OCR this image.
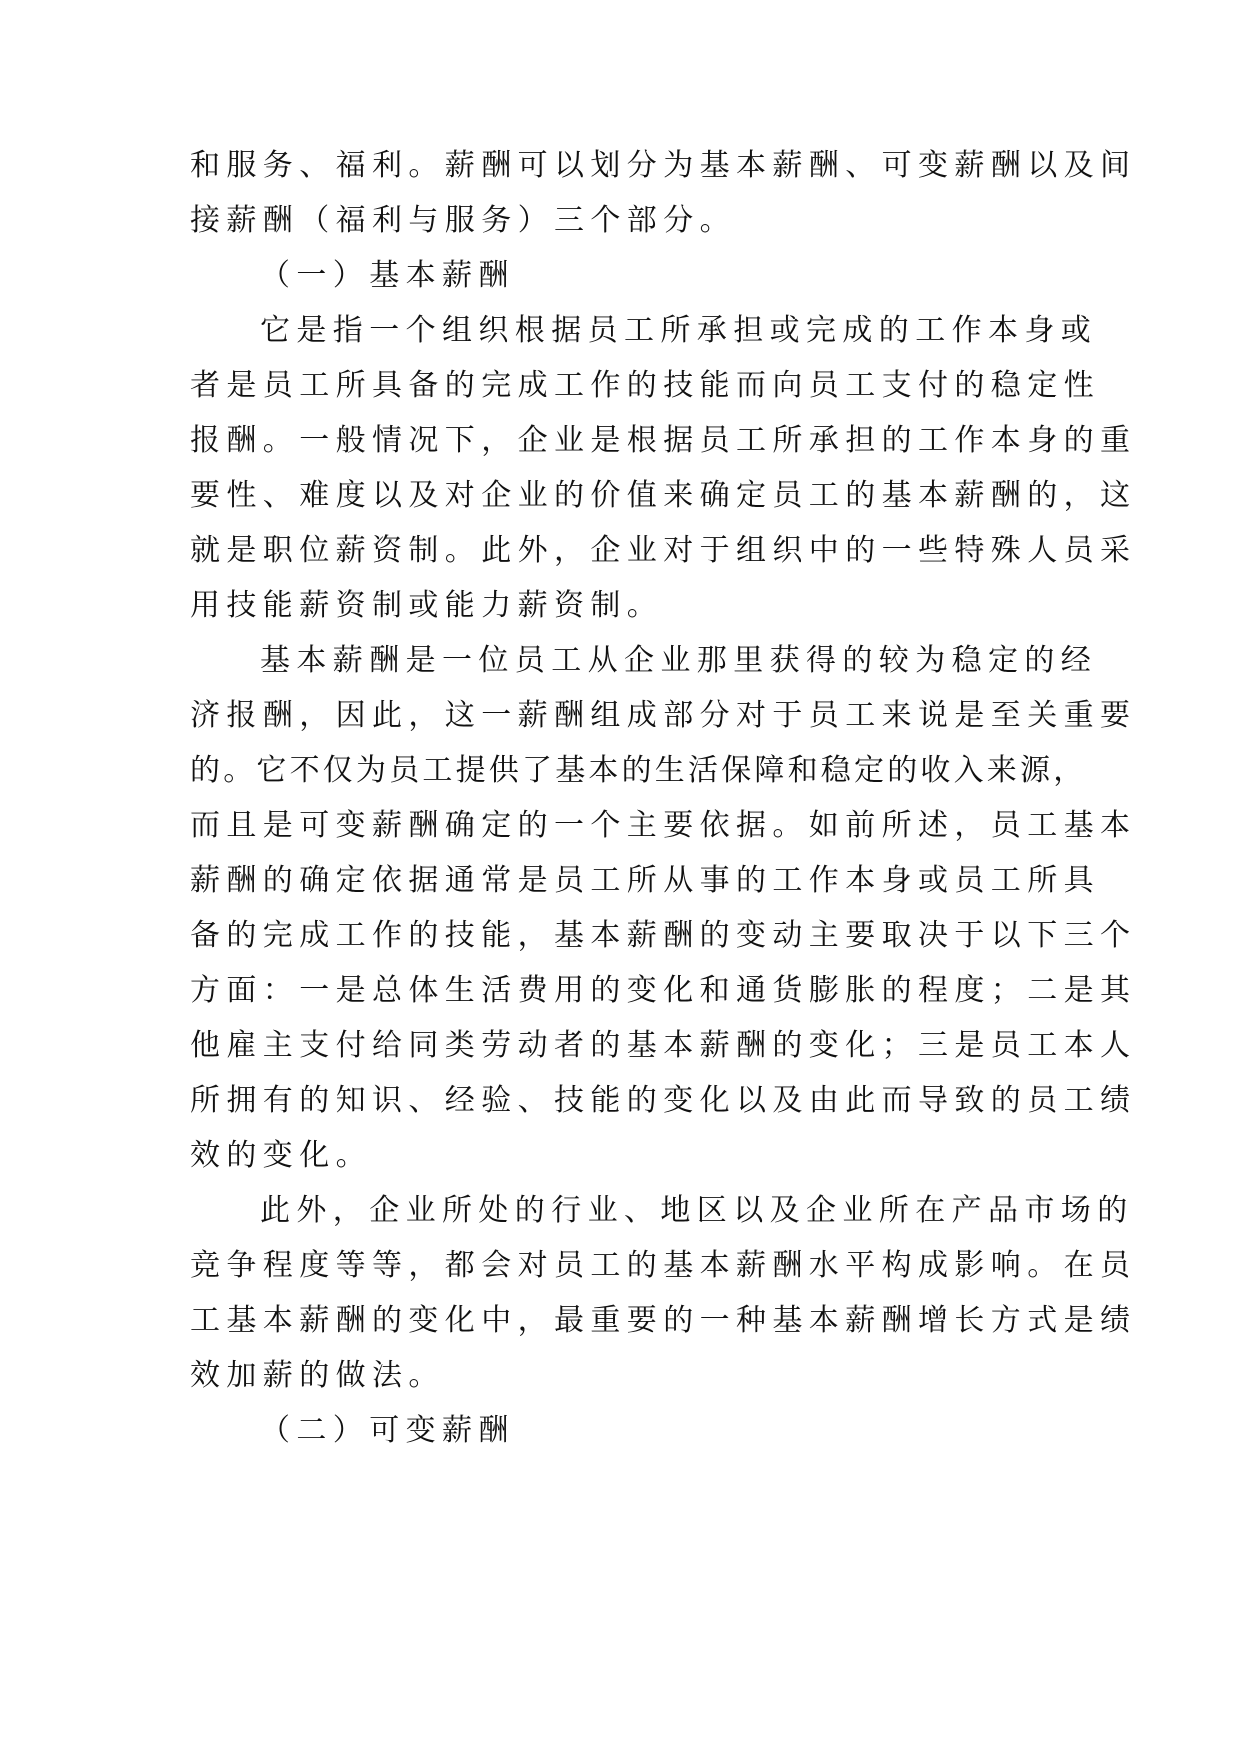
和服务、福利。薪酬可以划分为基本薪酬、可变薪酬以及间
接薪酬（福利与服务）三个部分。
（一）基本薪酬
它是指一个组织根据员工所承担或完成的工作本身或
者是员工所具备的完成工作的技能而向员工支付的稳定性
报酬。一般情况下，企业是根据员工所承担的工作本身的重
要性、难度以及对企业的价值来确定员工的基本薪酬的，这
就是职位薪资制。此外，企业对于组织中的一些特殊人员采
用技能薪资制或能力薪资制。
基本薪酬是一位员工从企业那里获得的较为稳定的经
济报酬，因此，这一薪酬组成部分对于员工来说是至关重要
的。它不仅为员工提供了基本的生活保障和稳定的收入来源，
而且是可变薪酬确定的一个主要依据。如前所述，员工基本
薪酬的确定依据通常是员工所从事的工作本身或员工所具
备的完成工作的技能，基本薪酬的变动主要取决于以下三个
方面：一是总体生活费用的变化和通货膨胀的程度；二是其
他雇主支付给同类劳动者的基本薪酬的变化；三是员工本人
所拥有的知识、经验、技能的变化以及由此而导致的员工绩
效的变化。
此外，企业所处的行业、地区以及企业所在产品市场的
竞争程度等等，都会对员工的基本薪酬水平构成影响。在员
工基本薪酬的变化中，最重要的一种基本薪酬增长方式是绩
效加薪的做法。
（二）可变薪酬
